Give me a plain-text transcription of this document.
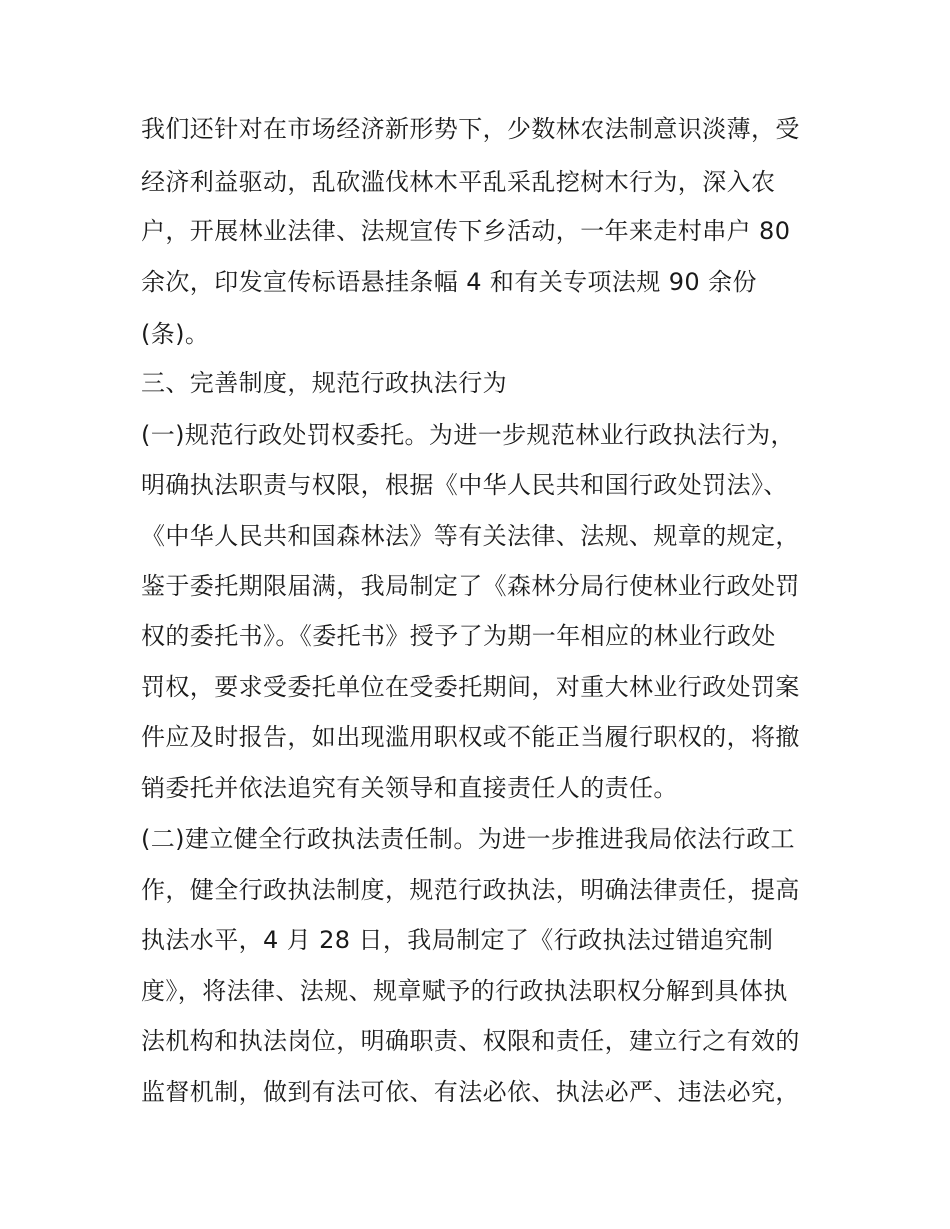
我们还针对在市场经济新形势下，少数林农法制意识淡薄，受
经济利益驱动，乱砍滥伐林木平乱采乱挖树木行为，深入农
户，开展林业法律、法规宣传下乡活动，一年来走村串户 80
余次，印发宣传标语悬挂条幅 4 和有关专项法规 90 余份
(条)。
三、完善制度，规范行政执法行为
(一)规范行政处罚权委托。为进一步规范林业行政执法行为，
明确执法职责与权限，根据《中华人民共和国行政处罚法》、
《中华人民共和国森林法》等有关法律、法规、规章的规定，
鉴于委托期限届满，我局制定了《森林分局行使林业行政处罚
权的委托书》。《委托书》授予了为期一年相应的林业行政处
罚权，要求受委托单位在受委托期间，对重大林业行政处罚案
件应及时报告，如出现滥用职权或不能正当履行职权的，将撤
销委托并依法追究有关领导和直接责任人的责任。
(二)建立健全行政执法责任制。为进一步推进我局依法行政工
作，健全行政执法制度，规范行政执法，明确法律责任，提高
执法水平，4 月 28 日，我局制定了《行政执法过错追究制
度》，将法律、法规、规章赋予的行政执法职权分解到具体执
法机构和执法岗位，明确职责、权限和责任，建立行之有效的
监督机制，做到有法可依、有法必依、执法必严、违法必究，
